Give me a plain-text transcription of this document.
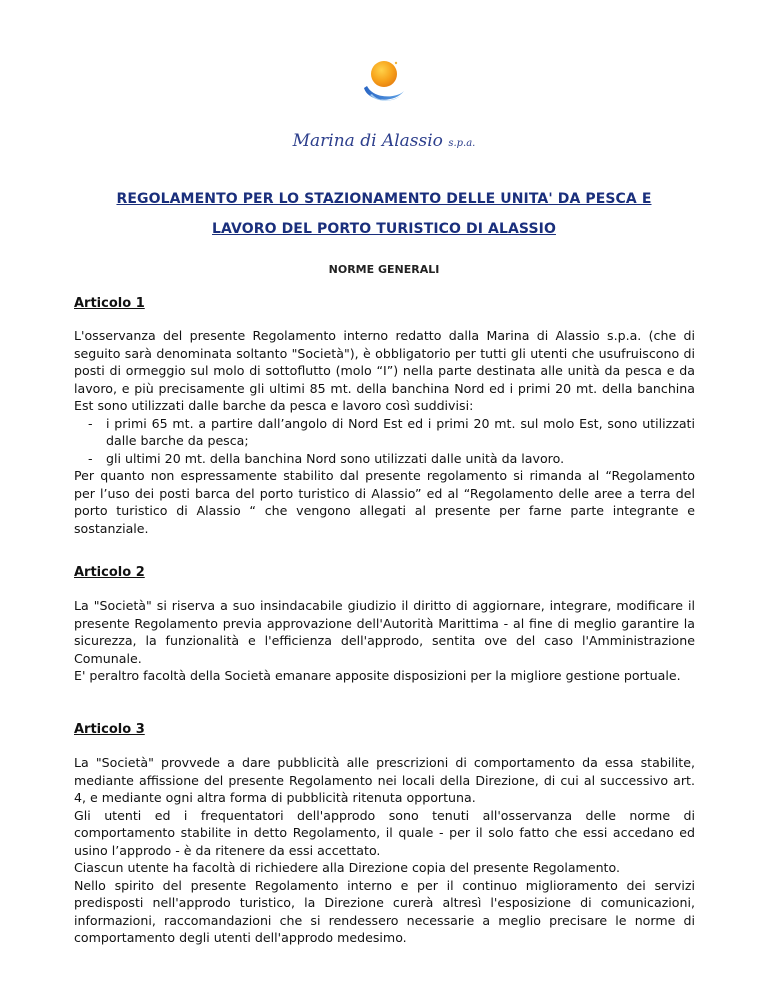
Marina di Alassio s.p.a.
REGOLAMENTO PER LO STAZIONAMENTO DELLE UNITA' DA PESCA E
LAVORO DEL PORTO TURISTICO DI ALASSIO
NORME GENERALI
Articolo 1

L'osservanza del presente Regolamento interno redatto dalla Marina di Alassio s.p.a. (che di seguito sarà denominata soltanto "Società"), è obbligatorio per tutti gli utenti che usufruiscono di posti di ormeggio sul molo di sottoflutto (molo “I”) nella parte destinata alle unità da pesca e da lavoro, e più precisamente gli ultimi 85 mt. della banchina Nord ed i primi 20 mt. della banchina Est sono utilizzati dalle barche da pesca e lavoro così suddivisi:

- i primi 65 mt. a partire dall’angolo di Nord Est ed i primi 20 mt. sul molo Est, sono utilizzati dalle barche da pesca;

- gli ultimi 20 mt. della banchina Nord sono utilizzati dalle unità da lavoro.

Per quanto non espressamente stabilito dal presente regolamento si rimanda al “Regolamento per l’uso dei posti barca del porto turistico di Alassio” ed al “Regolamento delle aree a terra del porto turistico di Alassio “ che vengono allegati al presente per farne parte integrante e sostanziale.

Articolo 2

La "Società" si riserva a suo insindacabile giudizio il diritto di aggiornare, integrare, modificare il presente Regolamento previa approvazione dell'Autorità Marittima - al fine di meglio garantire la sicurezza, la funzionalità e l'efficienza dell'approdo, sentita ove del caso l'Amministrazione Comunale.

E' peraltro facoltà della Società emanare apposite disposizioni per la migliore gestione portuale.

Articolo 3

La "Società" provvede a dare pubblicità alle prescrizioni di comportamento da essa stabilite, mediante affissione del presente Regolamento nei locali della Direzione, di cui al successivo art. 4, e mediante ogni altra forma di pubblicità ritenuta opportuna.

Gli utenti ed i frequentatori dell'approdo sono tenuti all'osservanza delle norme di comportamento stabilite in detto Regolamento, il quale - per il solo fatto che essi accedano ed usino l’approdo - è da ritenere da essi accettato.

Ciascun utente ha facoltà di richiedere alla Direzione copia del presente Regolamento.

Nello spirito del presente Regolamento interno e per il continuo miglioramento dei servizi predisposti nell'approdo turistico, la Direzione curerà altresì l'esposizione di comunicazioni, informazioni, raccomandazioni che si rendessero necessarie a meglio precisare le norme di comportamento degli utenti dell'approdo medesimo.
